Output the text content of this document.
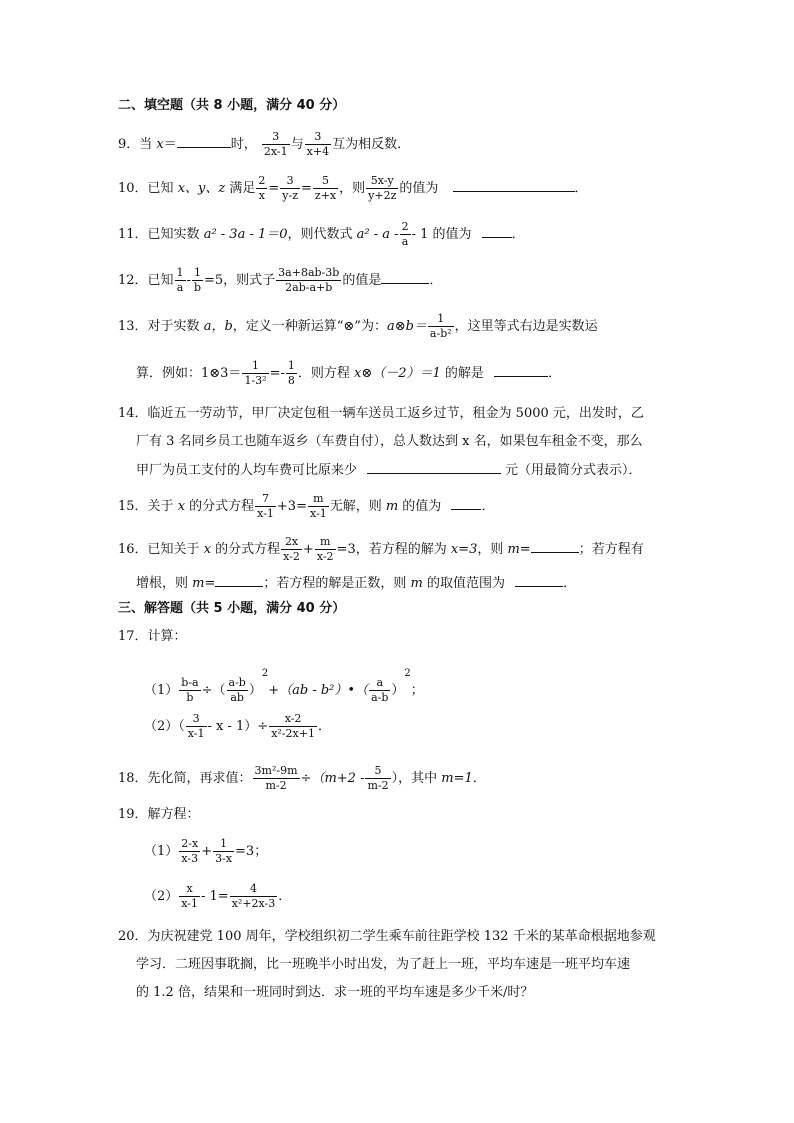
二、填空题（共 8 小题，满分 40 分）
9．当 x＝	时， $\frac{3}{2x-1}$ 与 $\frac{3}{x+4}$ 互为相反数．
10．已知 x、y、z 满足 $\frac{2}{x} = \frac{3}{y-z} = \frac{5}{z+x}$ ，则 $\frac{5x-y}{y+2z}$ 的值为	．
11．已知实数 a² - 3a - 1＝0，则代数式 a² - a - $\frac{2}{a} - 1$ 的值为	．
12．已知 $\frac{1}{a} - \frac{1}{b} =5$，则式子 $\frac{3a+8ab-3b}{2ab-a+b}$ 的值是	．
13．对于实数 a，b，定义一种新运算“⊗”为：a⊗b＝ $\frac{1}{\text{a-b²}}$ ，这里等式右边是实数运
算．例如：1⊗3＝ $\frac{1}{\text{1-3²}} =- \frac{1}{8}$ ．则方程 x⊗（－2）＝1 的解是	．
14．临近五一劳动节，甲厂决定包租一辆车送员工返乡过节，租金为 5000 元，出发时，乙
厂有 3 名同乡员工也随车返乡（车费自付），总人数达到 x 名，如果包车租金不变，那么
甲厂为员工支付的人均车费可比原来少	元（用最简分式表示）．
15．关于 x 的分式方程 $\frac{7}{x-1} +3= \frac{m}{x-1}$ 无解，则 m 的值为	．
16．已知关于 x 的分式方程 $\frac{2x}{x-2} + \frac{m}{x-2} =3$，若方程的解为 x=3，则 m=	；若方程有
增根，则 m=	；若方程的解是正数，则 m 的取值范围为	．
三、解答题（共 5 小题，满分 40 分）
17．计算：
$(1) \frac{b-a}{b}$ ÷（ $\frac{a-b}{ab} )^2+(ab$ - b²）•（ $\frac{a}{a-b} )^2$；
$(2)( \frac{3}{x-1} - x - 1)\div \frac{x-2}{\text{x²-2x+1}}$ ．
18．先化简，再求值： $\frac{\text{3m²-9m}}{m-2} \div(m+2 - \frac{5}{m-2}$ ），其中 m=1．
19．解方程：
$(1) \frac{2-x}{x-3} + \frac{1}{3-x} =3$；
$(2) \frac{x}{x-1} - 1= \frac{4}{\text{x²+2x-3}}$ ．
20．为庆祝建党 100 周年，学校组织初二学生乘车前往距学校 132 千米的某革命根据地参观
学习．二班因事耽搁，比一班晚半小时出发，为了赶上一班，平均车速是一班平均车速
的 1.2 倍，结果和一班同时到达．求一班的平均车速是多少千米/时？
